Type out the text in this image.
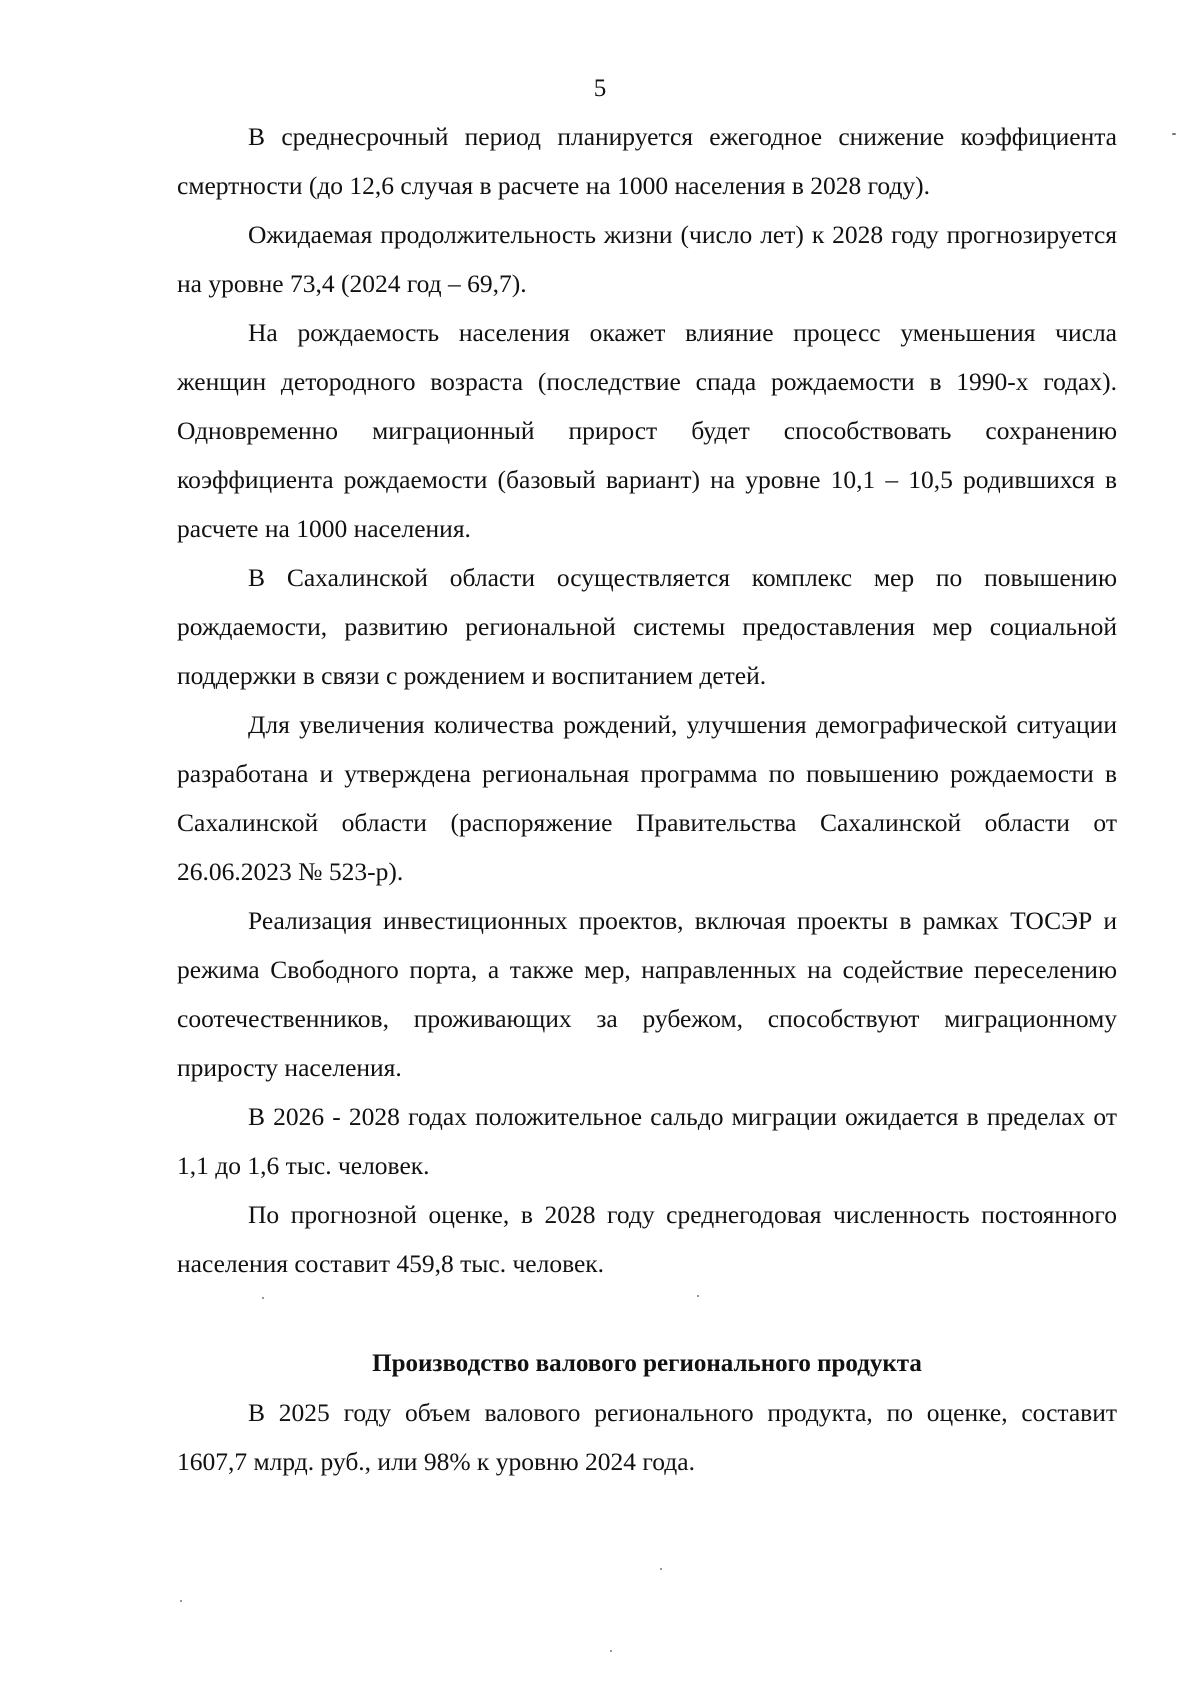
5

В среднесрочный период планируется ежегодное снижение коэффициента смертности (до 12,6 случая в расчете на 1000 населения в 2028 году).

Ожидаемая продолжительность жизни (число лет) к 2028 году прогнозируется на уровне 73,4 (2024 год – 69,7).

На рождаемость населения окажет влияние процесс уменьшения числа женщин детородного возраста (последствие спада рождаемости в 1990-х годах). Одновременно миграционный прирост будет способствовать сохранению коэффициента рождаемости (базовый вариант) на уровне 10,1 – 10,5 родившихся в расчете на 1000 населения.

В Сахалинской области осуществляется комплекс мер по повышению рождаемости, развитию региональной системы предоставления мер социальной поддержки в связи с рождением и воспитанием детей.

Для увеличения количества рождений, улучшения демографической ситуации разработана и утверждена региональная программа по повышению рождаемости в Сахалинской области (распоряжение Правительства Сахалинской области от 26.06.2023 № 523-р).

Реализация инвестиционных проектов, включая проекты в рамках ТОСЭР и режима Свободного порта, а также мер, направленных на содействие переселению соотечественников, проживающих за рубежом, способствуют миграционному приросту населения.

В 2026 - 2028 годах положительное сальдо миграции ожидается в пределах от 1,1 до 1,6 тыс. человек.

По прогнозной оценке, в 2028 году среднегодовая численность постоянного населения составит 459,8 тыс. человек.

Производство валового регионального продукта

В 2025 году объем валового регионального продукта, по оценке, составит 1607,7 млрд. руб., или 98% к уровню 2024 года.
